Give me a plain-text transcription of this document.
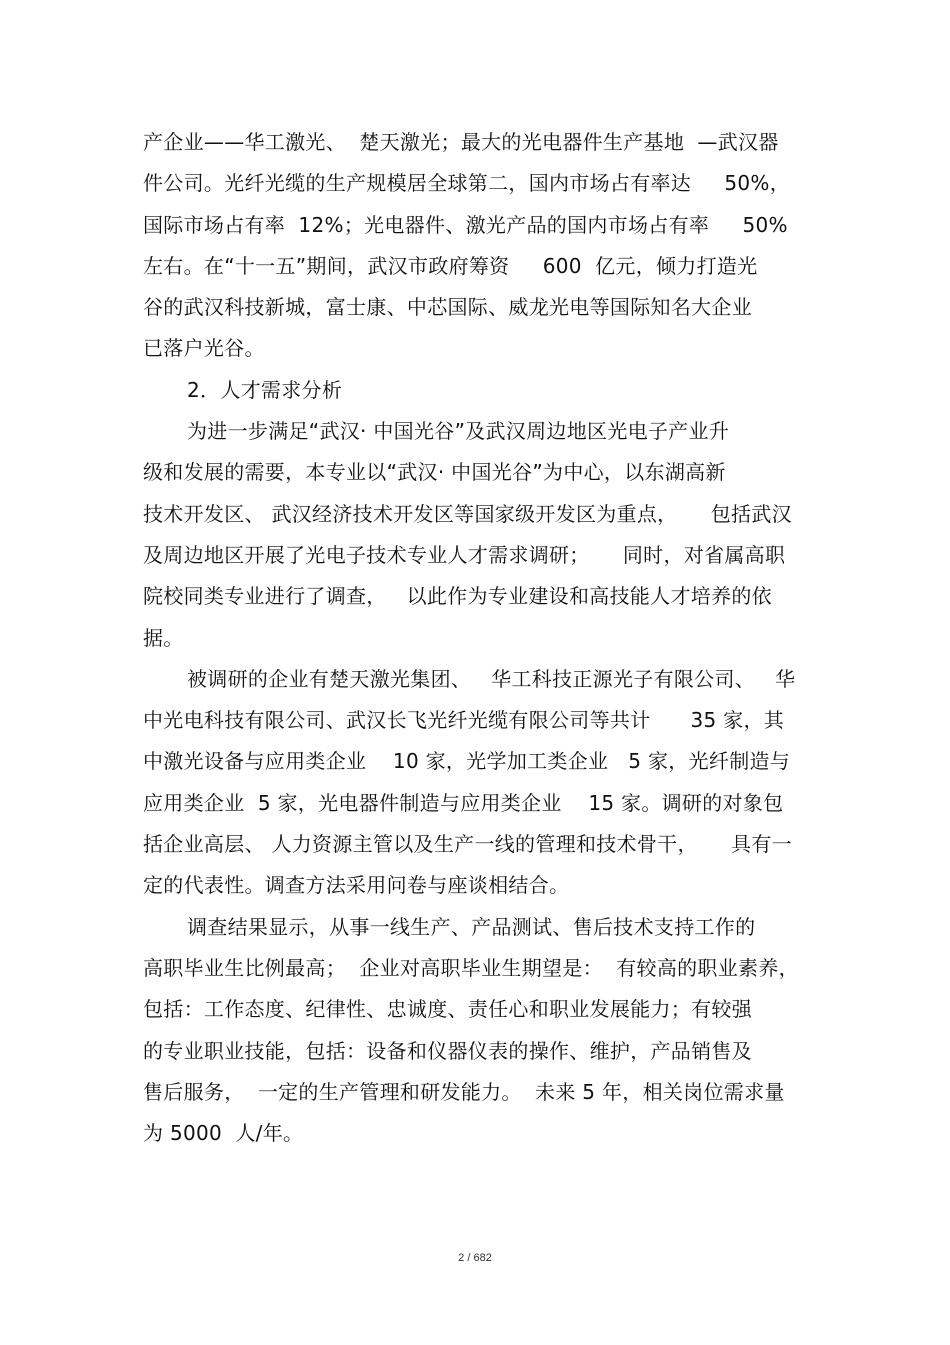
产企业——华工激光、  楚天激光；最大的光电器件生产基地  —武汉器
件公司。光纤光缆的生产规模居全球第二，国内市场占有率达     50%，
国际市场占有率  12%；光电器件、激光产品的国内市场占有率     50%
左右。在“十一五”期间，武汉市政府筹资     600  亿元，倾力打造光
谷的武汉科技新城，富士康、中芯国际、威龙光电等国际知名大企业
已落户光谷。
2．人才需求分析
为进一步满足“武汉· 中国光谷”及武汉周边地区光电子产业升
级和发展的需要，本专业以“武汉· 中国光谷”为中心，以东湖高新
技术开发区、 武汉经济技术开发区等国家级开发区为重点，     包括武汉
及周边地区开展了光电子技术专业人才需求调研；     同时，对省属高职
院校同类专业进行了调查，   以此作为专业建设和高技能人才培养的依
据。
被调研的企业有楚天激光集团、   华工科技正源光子有限公司、   华
中光电科技有限公司、武汉长飞光纤光缆有限公司等共计      35 家，其
中激光设备与应用类企业    10 家，光学加工类企业   5 家，光纤制造与
应用类企业  5 家，光电器件制造与应用类企业    15 家。调研的对象包
括企业高层、 人力资源主管以及生产一线的管理和技术骨干，     具有一
定的代表性。调查方法采用问卷与座谈相结合。
调查结果显示，从事一线生产、产品测试、售后技术支持工作的
高职毕业生比例最高；  企业对高职毕业生期望是：  有较高的职业素养，
包括：工作态度、纪律性、忠诚度、责任心和职业发展能力；有较强
的专业职业技能，包括：设备和仪器仪表的操作、维护，产品销售及
售后服务，  一定的生产管理和研发能力。  未来 5 年，相关岗位需求量
为 5000  人/年。
2 / 682
